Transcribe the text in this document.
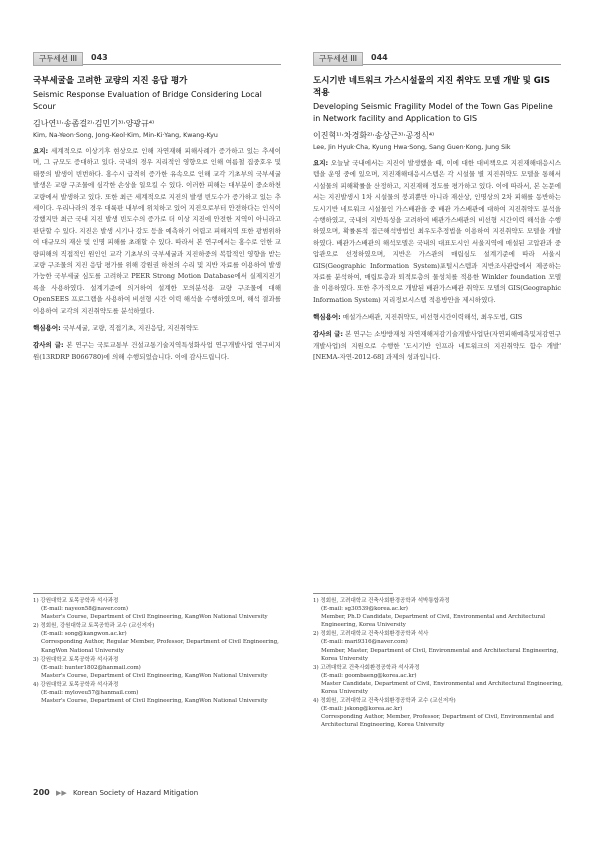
구두세션 III	043
국부세굴을 고려한 교량의 지진 응답 평가
Seismic Response Evaluation of Bridge Considering Local Scour
김나연¹⁾·송좀걸²⁾·김민기³⁾·양광규⁴⁾
Kim, Na-Yeon·Song, Jong-Keol·Kim, Min-Ki·Yang, Kwang-Kyu
요지: 세계적으로 이상기후 현상으로 인해 자연재해 피해사례가 증가하고 있는 추세이며, 그 규모도 증대하고 있다. 국내의 경우 지리적인 영향으로 인해 여름철 집중호우 및 태풍의 발생이 빈번하다. 홍수시 급격히 증가한 유속으로 인해 교각 기초부의 국부세굴 발생은 교량 구조물에 심각한 손상을 일으킬 수 있다. 이러한 피해는 대부분이 중소하천 교량에서 발생하고 있다. 또한 최근 세계적으로 지진의 발생 빈도수가 증가하고 있는 추세이다. 우리나라의 경우 대륙판 내부에 위치하고 있어 지진으로부터 안전하다는 인식이 강했지만 최근 국내 지진 발생 빈도수의 증가로 더 이상 지진에 안전한 지역이 아니라고 판단할 수 있다. 지진은 발생 시기나 강도 등을 예측하기 어렵고 피해지역 또한 광범위하여 대규모의 재산 및 인명 피해를 초래할 수 있다. 따라서 본 연구에서는 홍수로 인한 교량피해의 직접적인 원인인 교각 기초부의 국부세굴과 지진하중의 복합적인 영향을 받는 교량 구조물의 지진 응답 평가를 위해 강원권 하천의 수리 및 지반 자료를 이용하여 발생 가능한 국부세굴 심도를 고려하고 PEER Strong Motion Database에서 실제지진기록을 사용하였다. 설계기준에 의거하여 설계한 모의분석용 교량 구조물에 대해 OpenSEES 프로그램을 사용하여 비선형 시간 이력 해석을 수행하였으며, 해석 결과를 이용하여 교각의 지진취약도를 분석하였다.
핵심용어: 국부세굴, 교량, 직접기초, 지진응답, 지진취약도
감사의 글: 본 연구는 국토교통부 건설교통기술지역특성화사업 연구개발사업 연구비지원(13RDRP B066780)에 의해 수행되었습니다. 이에 감사드립니다.
1) 강원대학교 토목공학과 석사과정
(E-mail: nayeon58@naver.com)
Master's Course, Department of Civil Engineering, KangWon National University
2) 정회원, 강원대학교 토목공학과 교수 (교신저자)
(E-mail: song@kangwon.ac.kr)
Corresponding Author, Regular Member, Professor, Department of Civil Engineering, KangWon National University
3) 강원대학교 토목공학과 석사과정
(E-mail: hunter1802@hanmail.com)
Master's Course, Department of Civil Engineering, KangWon National University
4) 강원대학교 토목공학과 석사과정
(E-mail: myloveu57@hanmail.com)
Master's Course, Department of Civil Engineering, KangWon National University
구두세션 III	044
도시기반 네트워크 가스시설물의 지진 취약도 모델 개발 및 GIS 적용
Developing Seismic Fragility Model of the Town Gas Pipeline in Network facility and Application to GIS
이진혁¹⁾·차경화²⁾·송상근³⁾·공정식⁴⁾
Lee, Jin Hyuk·Cha, Kyung Hwa·Song, Sang Guen·Kong, Jung Sik
요지: 오늘날 국내에서는 지진이 발생했을 때, 이에 대한 대비책으로 지진재해대응시스템을 운영 중에 있으며, 지진재해대응시스템은 각 시설물 별 지진취약도 모델을 통해서 시설물의 피해확률을 산정하고, 지진재해 정도를 평가하고 있다. 이에 따라서, 본 논문에서는 지진발생시 1차 시설물의 붕괴뿐만 아니라 재산상, 인명상의 2차 피해를 동반하는 도시기반 네트워크 시설물인 가스배관을 중 배관 가스배관에 대하여 지진취약도 분석을 수행하였고, 국내의 지반특성을 고려하여 배관가스배관의 비선형 시간이력 해석을 수행하였으며, 확률론적 접근해석방법인 최우도추정법을 이용하여 지진취약도 모델을 개발하였다. 배관가스배관의 해석모델은 국내의 대표도시인 서울지역에 매설된 고압관과 중압관으로 선정하였으며, 지반은 가스관의 매립심도 설계기준에 따라 서울시 GIS(Geographic Information System)포털시스템과 지반조사관람에서 제공하는 자료를 분석하여, 매립토층과 퇴적토층의 물성치를 적용한 Winkler foundation 모델을 이용하였다. 또한 추가적으로 개발된 배관가스배관 취약도 모델의 GIS(Geographic Information System) 지리정보시스템 적용방안을 제시하였다.
핵심용어: 매설가스배관, 지진취약도, 비선형시간이력해석, 최우도법, GIS
감사의 글: 본 연구는 소방방재청 자연재해저감기술개발사업단(자연피해예측및저감연구개발사업)의 지원으로 수행한 '도시기반 인프라 네트워크의 지진취약도 함수 개발' [NEMA-자연-2012-68] 과제의 성과입니다.
1) 정회원, 고려대학교 건축사회환경공학과 석박통합과정
(E-mail: sg30539@korea.ac.kr)
Member, Ph.D Candidate, Department of Civil, Environmental and Architectural Engineering, Korea University
2) 정회원, 고려대학교 건축사회환경공학과 석사
(E-mail: mari9316@naver.com)
Member, Master, Department of Civil, Environmental and Architectural Engineering, Korea University
3) 고려대학교 건축사회환경공학과 석사과정
(E-mail: goombaeng@korea.ac.kr)
Master Candidate, Department of Civil, Environmental and Architectural Engineering, Korea University
4) 정회원, 고려대학교 건축사회환경공학과 교수 (교신저자)
(E-mail: jskong@korea.ac.kr)
Corresponding Author, Member, Professor, Department of Civil, Environmental and Architectural Engineering, Korea University
200 ▶▶ Korean Society of Hazard Mitigation
